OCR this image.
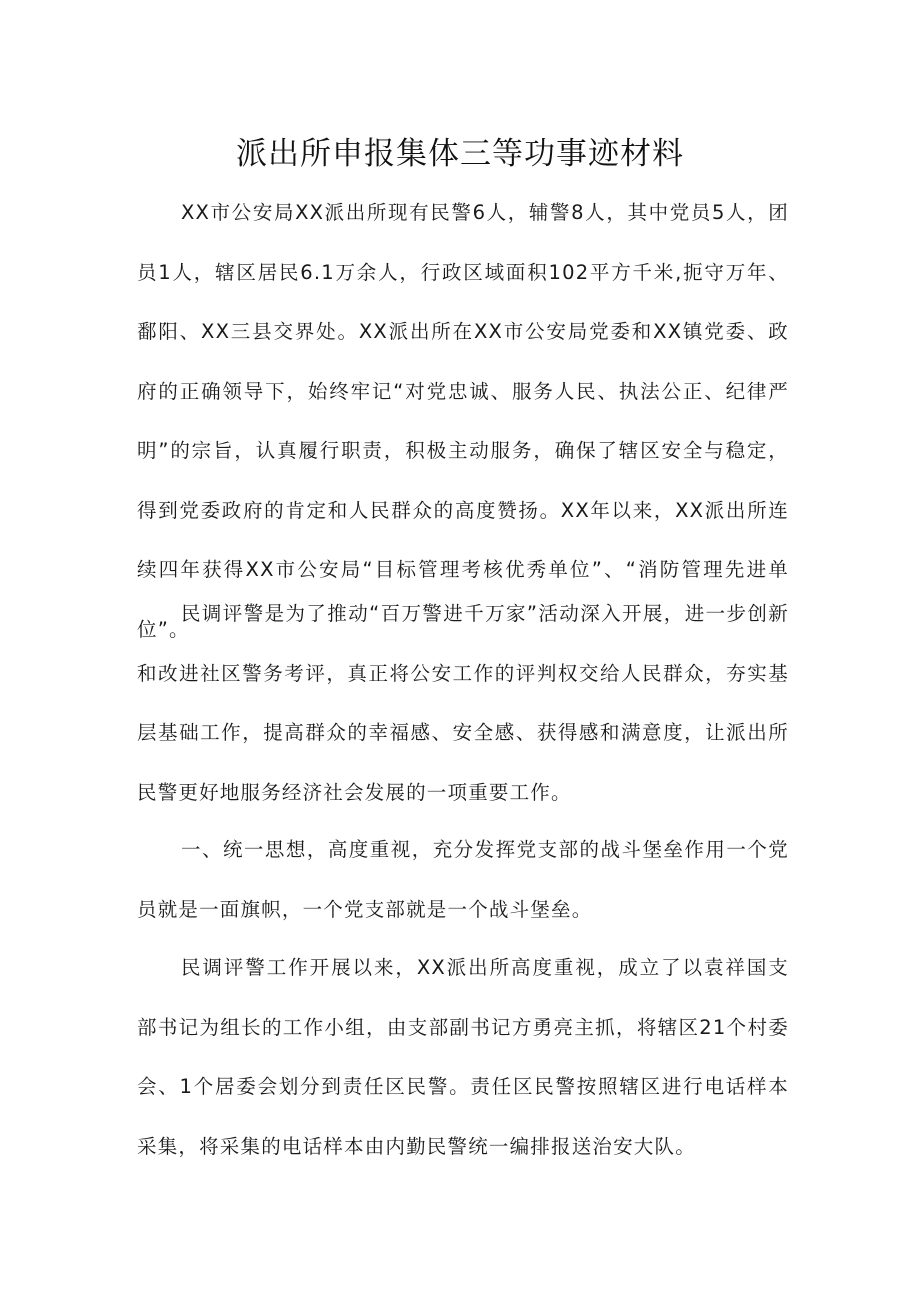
派出所申报集体三等功事迹材料

XX市公安局XX派出所现有民警6人，辅警8人，其中党员5人，团员1人，辖区居民6.1万余人，行政区域面积102平方千米,扼守万年、鄱阳、XX三县交界处。XX派出所在XX市公安局党委和XX镇党委、政府的正确领导下，始终牢记“对党忠诚、服务人民、执法公正、纪律严明”的宗旨，认真履行职责，积极主动服务，确保了辖区安全与稳定，得到党委政府的肯定和人民群众的高度赞扬。XX年以来，XX派出所连续四年获得XX市公安局“目标管理考核优秀单位”、“消防管理先进单位”。

民调评警是为了推动“百万警进千万家”活动深入开展，进一步创新和改进社区警务考评，真正将公安工作的评判权交给人民群众，夯实基层基础工作，提高群众的幸福感、安全感、获得感和满意度，让派出所民警更好地服务经济社会发展的一项重要工作。

一、统一思想，高度重视，充分发挥党支部的战斗堡垒作用一个党员就是一面旗帜，一个党支部就是一个战斗堡垒。

民调评警工作开展以来，XX派出所高度重视，成立了以袁祥国支部书记为组长的工作小组，由支部副书记方勇亮主抓，将辖区21个村委会、1个居委会划分到责任区民警。责任区民警按照辖区进行电话样本采集，将采集的电话样本由内勤民警统一编排报送治安大队。
